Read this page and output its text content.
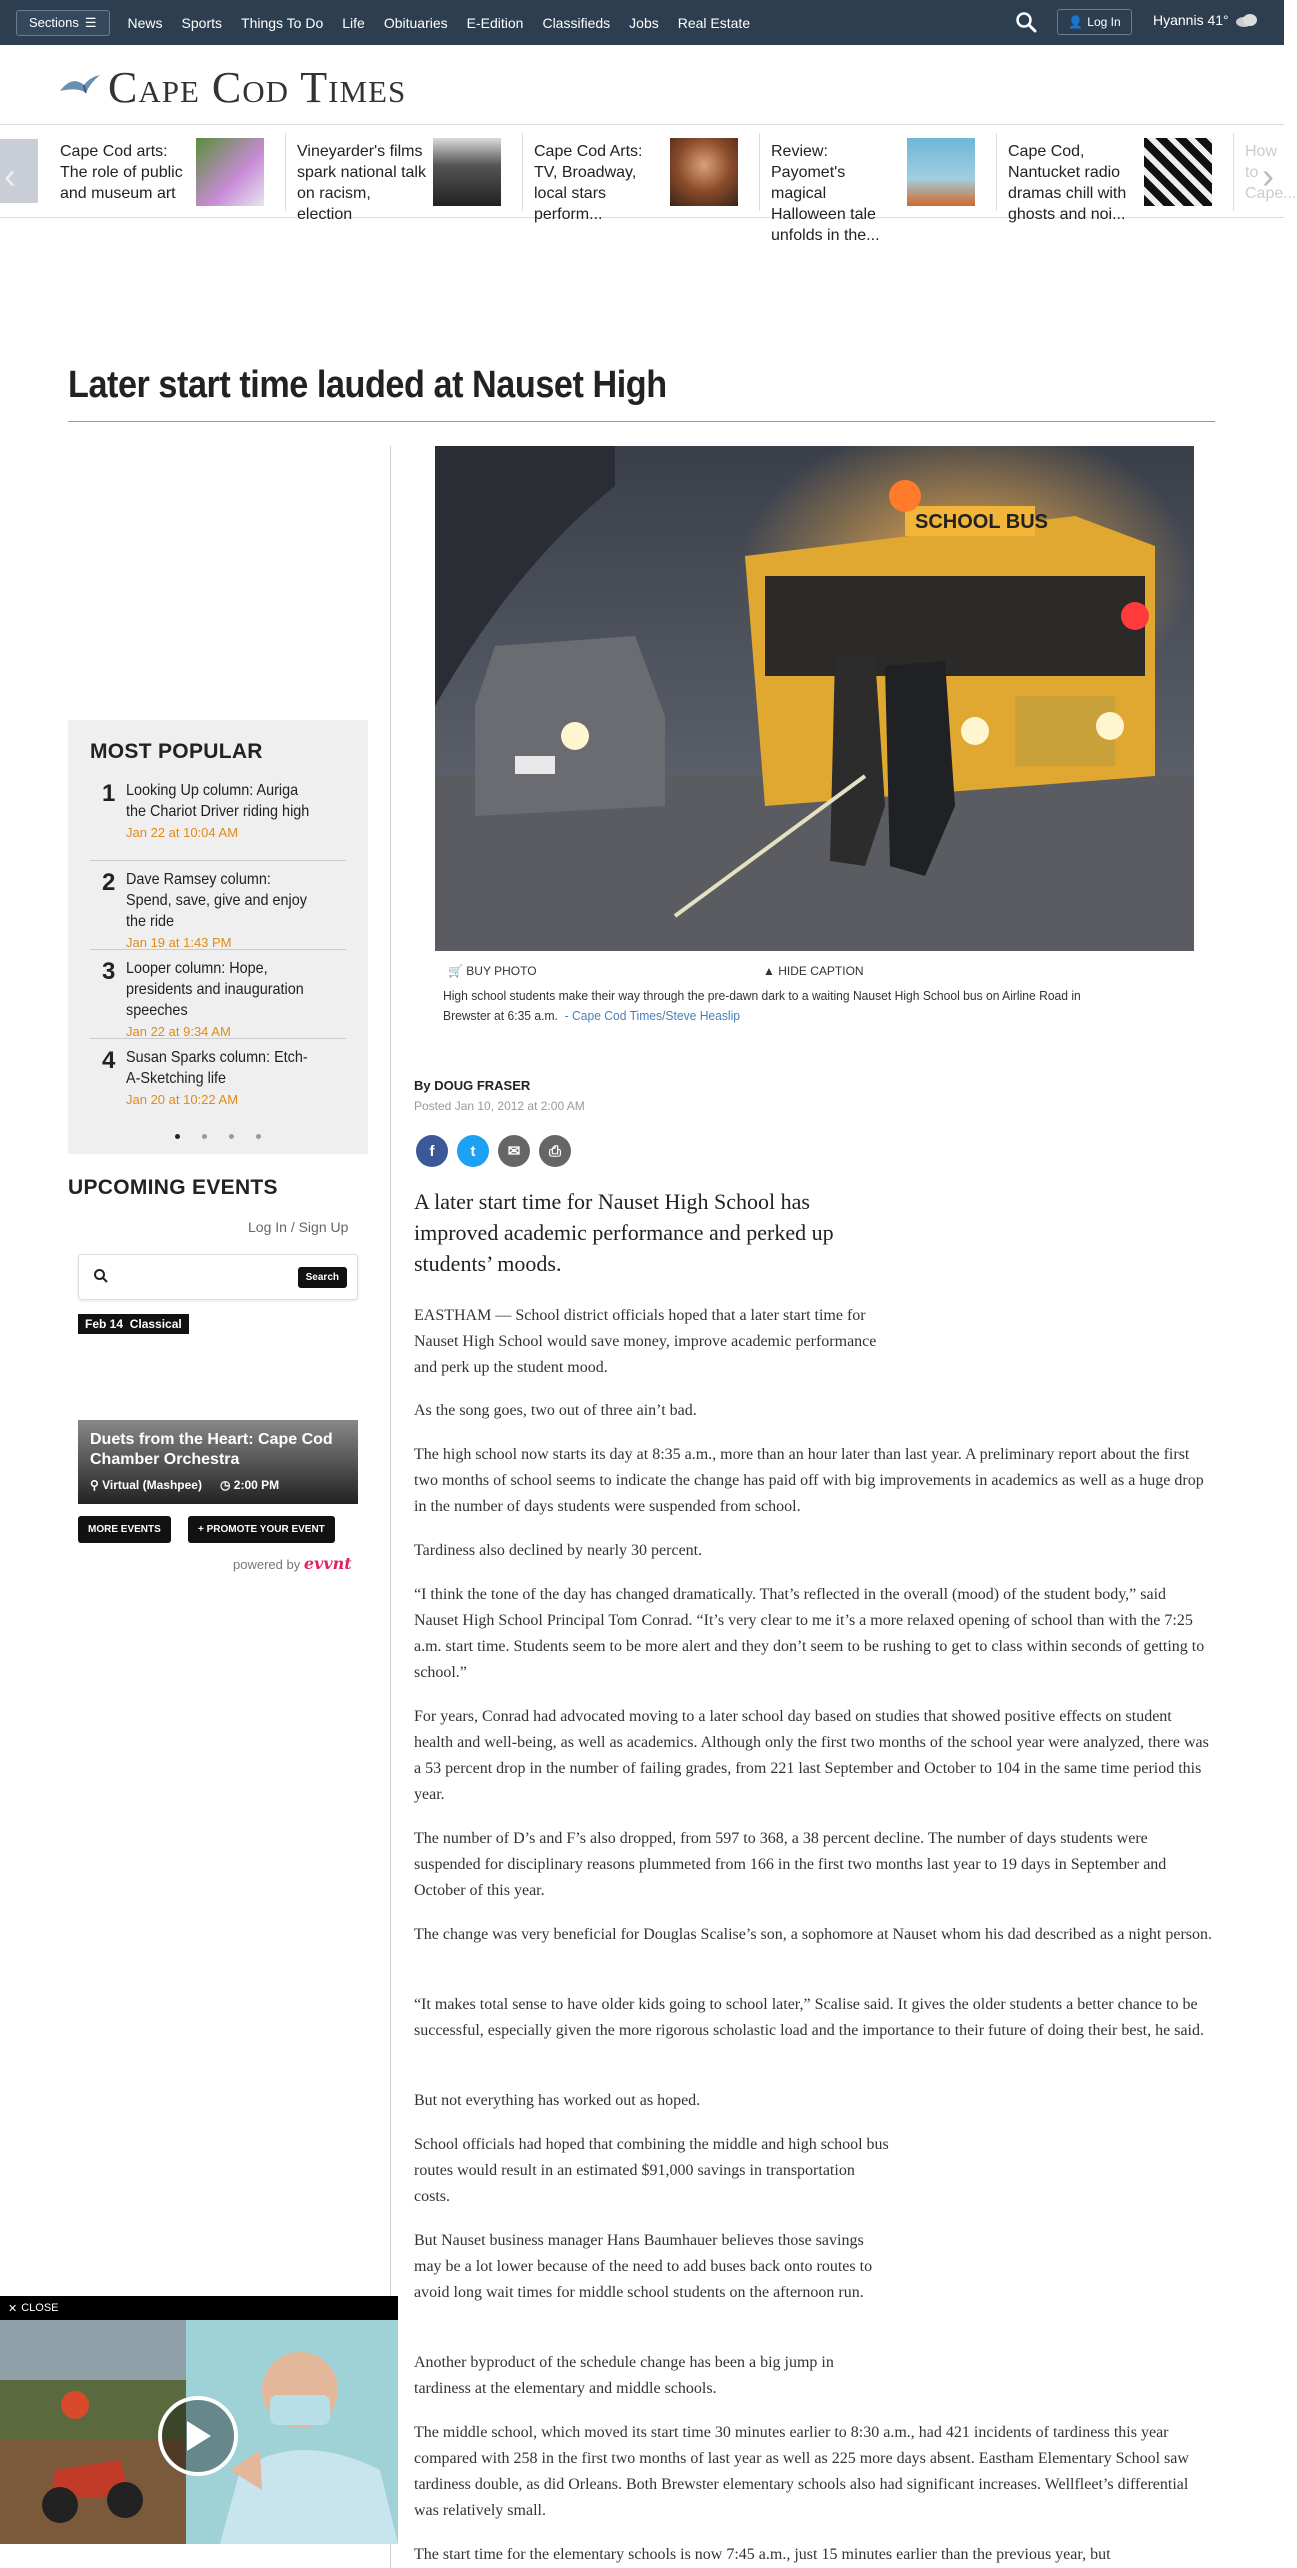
Sections ☰ News Sports Things To Do Life Obituaries E-Edition Classifieds Jobs Real Estate	👤 Log In Hyannis 41°
Cape Cod Times
‹
Cape Cod arts: The role of public and museum art
Vineyarder's films spark national talk on racism, election
Cape Cod Arts: TV, Broadway, local stars perform...
Review: Payomet's magical Halloween tale unfolds in the...
Cape Cod, Nantucket radio dramas chill with ghosts and noi...
How to Cape...
›
Later start time lauded at Nauset High
MOST POPULAR
1 Looking Up column: Auriga the Chariot Driver riding high
Jan 22 at 10:04 AM
2 Dave Ramsey column: Spend, save, give and enjoy the ride
Jan 19 at 1:43 PM
3 Looper column: Hope, presidents and inauguration speeches
Jan 22 at 9:34 AM
4 Susan Sparks column: Etch-A-Sketching life
Jan 20 at 10:22 AM
UPCOMING EVENTS
Log In / Sign Up
Search
Feb 14 Classical
Duets from the Heart: Cape Cod Chamber Orchestra
⚲ Virtual (Mashpee) ◷ 2:00 PM
MORE EVENTS	+ PROMOTE YOUR EVENT
powered by evvnt
SCHOOL BUS
🛒 BUY PHOTO	▲ HIDE CAPTION
High school students make their way through the pre-dawn dark to a waiting Nauset High School bus on Airline Road in Brewster at 6:35 a.m. - Cape Cod Times/Steve Heaslip
By DOUG FRASER
Posted Jan 10, 2012 at 2:00 AM
f	t	✉	⎙
A later start time for Nauset High School has improved academic performance and perked up students’ moods.
EASTHAM — School district officials hoped that a later start time for Nauset High School would save money, improve academic performance and perk up the student mood.
As the song goes, two out of three ain’t bad.
The high school now starts its day at 8:35 a.m., more than an hour later than last year. A preliminary report about the first two months of school seems to indicate the change has paid off with big improvements in academics as well as a huge drop in the number of days students were suspended from school.
Tardiness also declined by nearly 30 percent.
“I think the tone of the day has changed dramatically. That’s reflected in the overall (mood) of the student body,” said Nauset High School Principal Tom Conrad. “It’s very clear to me it’s a more relaxed opening of school than with the 7:25 a.m. start time. Students seem to be more alert and they don’t seem to be rushing to get to class within seconds of getting to school.”
For years, Conrad had advocated moving to a later school day based on studies that showed positive effects on student health and well-being, as well as academics. Although only the first two months of the school year were analyzed, there was a 53 percent drop in the number of failing grades, from 221 last September and October to 104 in the same time period this year.
The number of D’s and F’s also dropped, from 597 to 368, a 38 percent decline. The number of days students were suspended for disciplinary reasons plummeted from 166 in the first two months last year to 19 days in September and October of this year.
The change was very beneficial for Douglas Scalise’s son, a sophomore at Nauset whom his dad described as a night person.
“It makes total sense to have older kids going to school later,” Scalise said. It gives the older students a better chance to be successful, especially given the more rigorous scholastic load and the importance to their future of doing their best, he said.
But not everything has worked out as hoped.
School officials had hoped that combining the middle and high school bus routes would result in an estimated $91,000 savings in transportation costs.
But Nauset business manager Hans Baumhauer believes those savings may be a lot lower because of the need to add buses back onto routes to avoid long wait times for middle school students on the afternoon run.
Another byproduct of the schedule change has been a big jump in tardiness at the elementary and middle schools.
The middle school, which moved its start time 30 minutes earlier to 8:30 a.m., had 421 incidents of tardiness this year compared with 258 in the first two months of last year as well as 225 more days absent. Eastham Elementary School saw tardiness double, as did Orleans. Both Brewster elementary schools also had significant increases. Wellfleet’s differential was relatively small.
The start time for the elementary schools is now 7:45 a.m., just 15 minutes earlier than the previous year, but
✕ CLOSE
